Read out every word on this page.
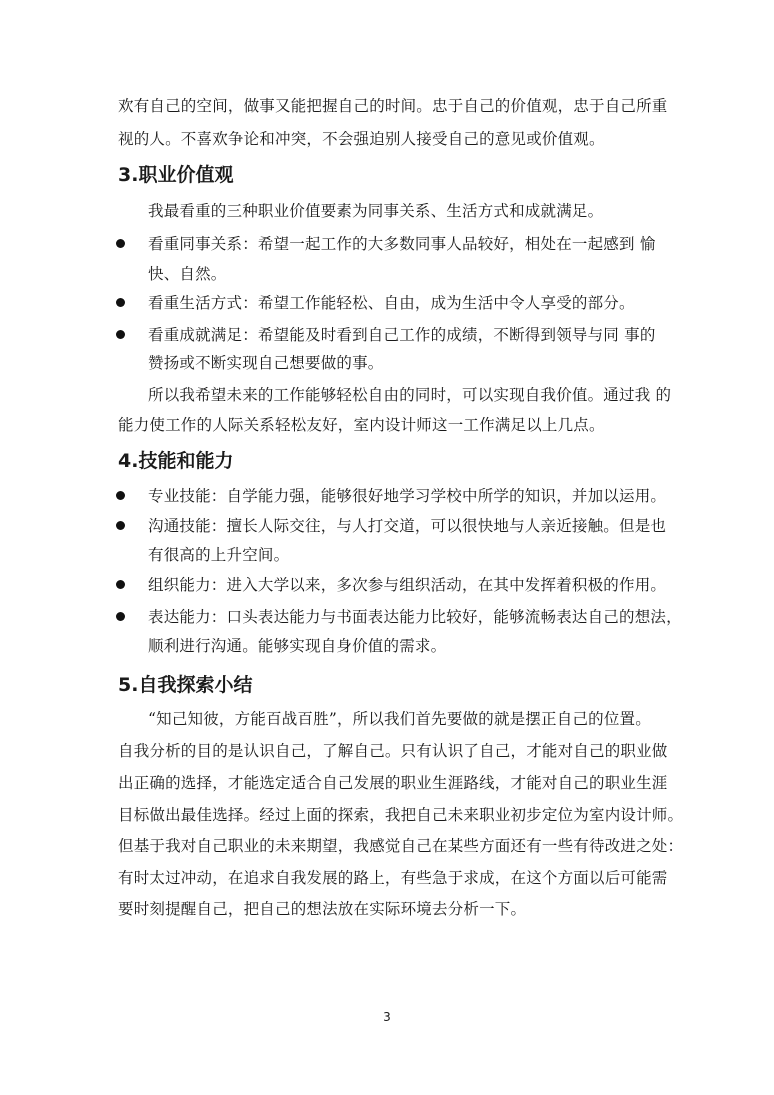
欢有自己的空间，做事又能把握自己的时间。忠于自己的价值观，忠于自己所重
视的人。不喜欢争论和冲突，不会强迫别人接受自己的意见或价值观。
3.职业价值观
我最看重的三种职业价值要素为同事关系、生活方式和成就满足。
看重同事关系：希望一起工作的大多数同事人品较好，相处在一起感到 愉
快、自然。
看重生活方式：希望工作能轻松、自由，成为生活中令人享受的部分。
看重成就满足：希望能及时看到自己工作的成绩，不断得到领导与同 事的
赞扬或不断实现自己想要做的事。
所以我希望未来的工作能够轻松自由的同时，可以实现自我价值。通过我 的
能力使工作的人际关系轻松友好，室内设计师这一工作满足以上几点。
4.技能和能力
专业技能：自学能力强，能够很好地学习学校中所学的知识，并加以运用。
沟通技能：擅长人际交往，与人打交道，可以很快地与人亲近接触。但是也
有很高的上升空间。
组织能力：进入大学以来，多次参与组织活动，在其中发挥着积极的作用。
表达能力：口头表达能力与书面表达能力比较好，能够流畅表达自己的想法，
顺利进行沟通。能够实现自身价值的需求。
5.自我探索小结
“知己知彼，方能百战百胜”，所以我们首先要做的就是摆正自己的位置。
自我分析的目的是认识自己，了解自己。只有认识了自己，才能对自己的职业做
出正确的选择，才能选定适合自己发展的职业生涯路线，才能对自己的职业生涯
目标做出最佳选择。经过上面的探索，我把自己未来职业初步定位为室内设计师。
但基于我对自己职业的未来期望，我感觉自己在某些方面还有一些有待改进之处：
有时太过冲动，在追求自我发展的路上，有些急于求成，在这个方面以后可能需
要时刻提醒自己，把自己的想法放在实际环境去分析一下。
3
